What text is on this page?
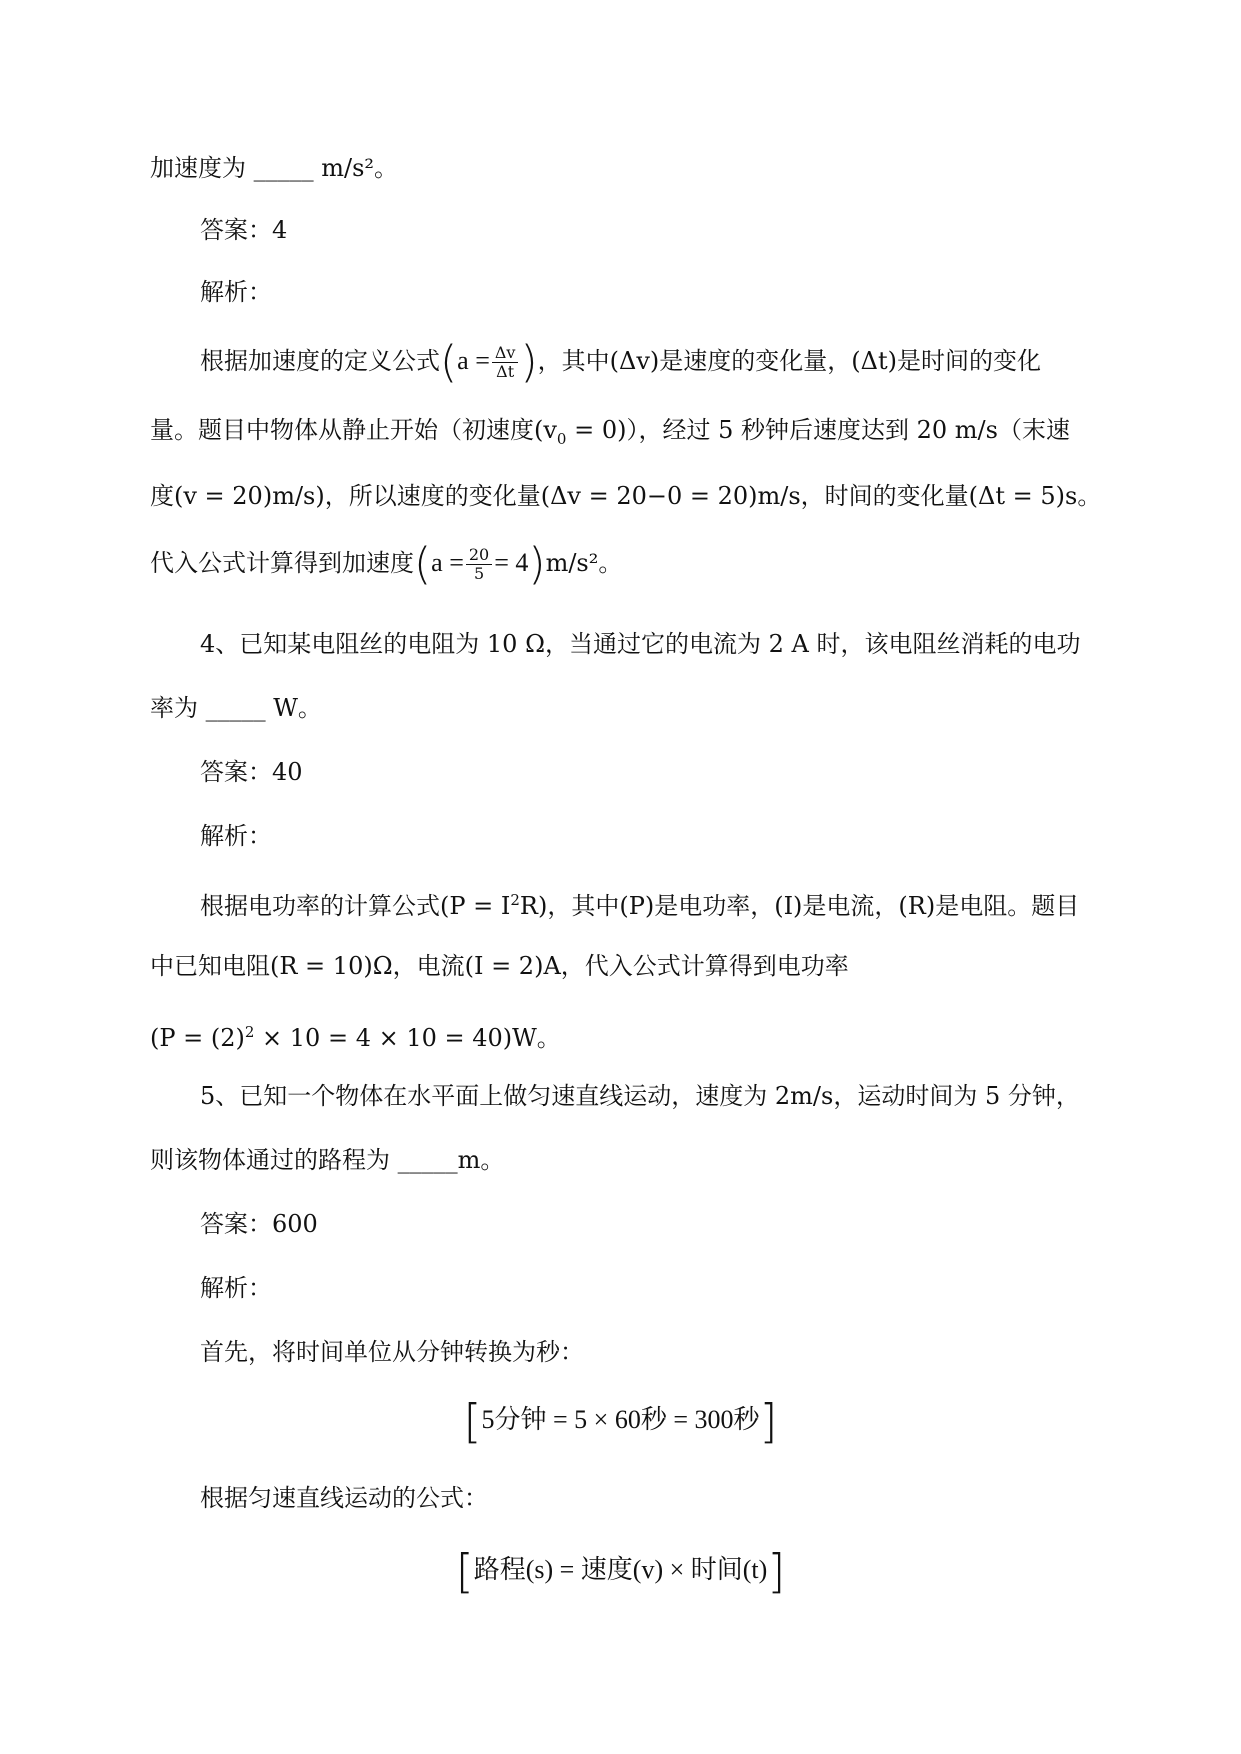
加速度为 _____ m/s²。
答案：4
解析：
根据加速度的定义公式($a = \frac{\Delta v}{\Delta t}$ )，其中(Δv)是速度的变化量，(Δt)是时间的变化
量。题目中物体从静止开始（初速度$(v_0 = 0)$），经过 5 秒钟后速度达到 20 m/s（末速
度(v = 20)m/s)，所以速度的变化量(Δv = 20−0 = 20)m/s，时间的变化量(Δt = 5)s。
代入公式计算得到加速度$(a = \frac{20}{5} = 4)m/s^2$。
4、已知某电阻丝的电阻为 10 Ω，当通过它的电流为 2 A 时，该电阻丝消耗的电功
率为 _____ W。
答案：40
解析：
根据电功率的计算公式$(P = I^2R)$，其中(P)是电功率，(I)是电流，(R)是电阻。题目
中已知电阻(R = 10)Ω，电流(I = 2)A，代入公式计算得到电功率
$(P = (2)^2 \times 10 = 4 \times 10 = 40)W$。
5、已知一个物体在水平面上做匀速直线运动，速度为 2m/s，运动时间为 5 分钟，
则该物体通过的路程为 _____m。
答案：600
解析：
首先，将时间单位从分钟转换为秒：
[5分钟 = 5 × 60秒 = 300秒]
根据匀速直线运动的公式：
[路程(s) = 速度(v) × 时间(t)]
